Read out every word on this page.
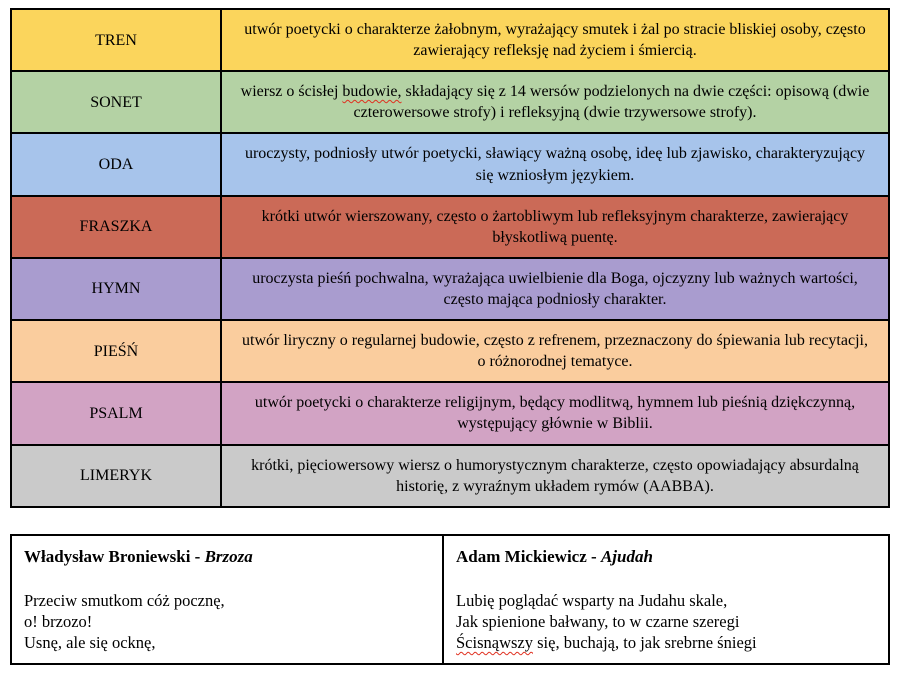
TREN	utwór poetycki o charakterze żałobnym, wyrażający smutek i żal po stracie bliskiej osoby, często zawierający refleksję nad życiem i śmiercią.
SONET	wiersz o ścisłej budowie, składający się z 14 wersów podzielonych na dwie części: opisową (dwie czterowersowe strofy) i refleksyjną (dwie trzywersowe strofy).
ODA	uroczysty, podniosły utwór poetycki, sławiący ważną osobę, ideę lub zjawisko, charakteryzujący się wzniosłym językiem.
FRASZKA	krótki utwór wierszowany, często o żartobliwym lub refleksyjnym charakterze, zawierający błyskotliwą puentę.
HYMN	uroczysta pieśń pochwalna, wyrażająca uwielbienie dla Boga, ojczyzny lub ważnych wartości, często mająca podniosły charakter.
PIEŚŃ	utwór liryczny o regularnej budowie, często z refrenem, przeznaczony do śpiewania lub recytacji, o różnorodnej tematyce.
PSALM	utwór poetycki o charakterze religijnym, będący modlitwą, hymnem lub pieśnią dziękczynną, występujący głównie w Biblii.
LIMERYK	krótki, pięciowersowy wiersz o humorystycznym charakterze, często opowiadający absurdalną historię, z wyraźnym układem rymów (AABBA).
Władysław Broniewski - Brzoza
Przeciw smutkom cóż pocznę,
o! brzozo!
Usnę, ale się ocknę,

Adam Mickiewicz - Ajudah
Lubię poglądać wsparty na Judahu skale,
Jak spienione bałwany, to w czarne szeregi
Ścisnąwszy się, buchają, to jak srebrne śniegi
